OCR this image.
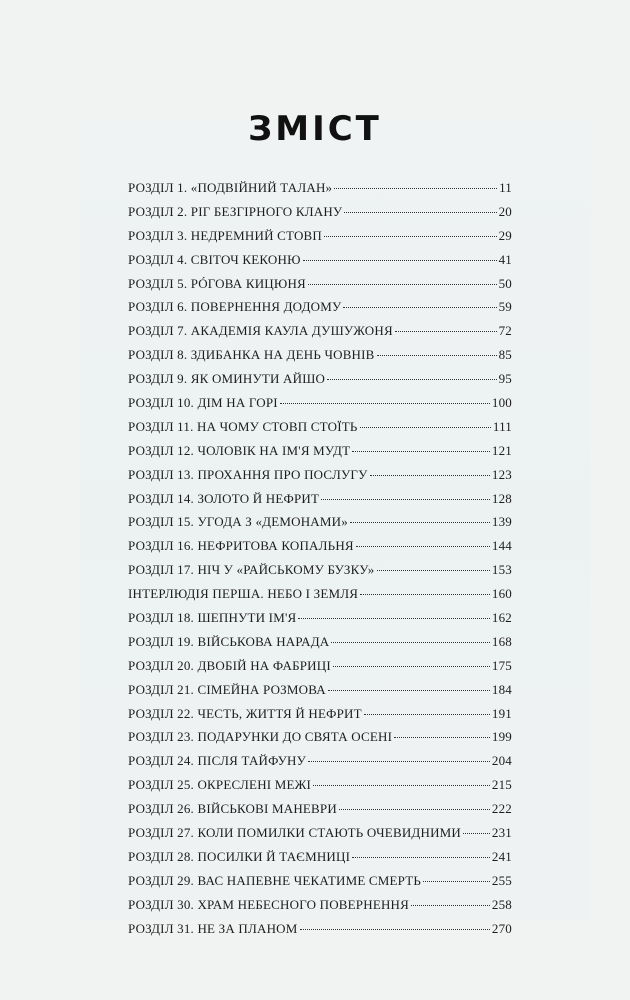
ЗМІСТ
РОЗДІЛ 1. «ПОДВІЙНИЙ ТАЛАН»	11
РОЗДІЛ 2. РІГ БЕЗГІРНОГО КЛАНУ	20
РОЗДІЛ 3. НЕДРЕМНИЙ СТОВП	29
РОЗДІЛ 4. СВІТОЧ КЕКОНЮ	41
РОЗДІЛ 5. РÓГОВА КИЦЮНЯ	50
РОЗДІЛ 6. ПОВЕРНЕННЯ ДОДОМУ	59
РОЗДІЛ 7. АКАДЕМІЯ КАУЛА ДУШУЖОНЯ	72
РОЗДІЛ 8. ЗДИБАНКА НА ДЕНЬ ЧОВНІВ	85
РОЗДІЛ 9. ЯК ОМИНУТИ АЙШО	95
РОЗДІЛ 10. ДІМ НА ГОРІ	100
РОЗДІЛ 11. НА ЧОМУ СТОВП СТОЇТЬ	111
РОЗДІЛ 12. ЧОЛОВІК НА ІМ'Я МУДТ	121
РОЗДІЛ 13. ПРОХАННЯ ПРО ПОСЛУГУ	123
РОЗДІЛ 14. ЗОЛОТО Й НЕФРИТ	128
РОЗДІЛ 15. УГОДА З «ДЕМОНАМИ»	139
РОЗДІЛ 16. НЕФРИТОВА КОПАЛЬНЯ	144
РОЗДІЛ 17. НІЧ У «РАЙСЬКОМУ БУЗКУ»	153
ІНТЕРЛЮДІЯ ПЕРША. НЕБО І ЗЕМЛЯ	160
РОЗДІЛ 18. ШЕПНУТИ ІМ'Я	162
РОЗДІЛ 19. ВІЙСЬКОВА НАРАДА	168
РОЗДІЛ 20. ДВОБІЙ НА ФАБРИЦІ	175
РОЗДІЛ 21. СІМЕЙНА РОЗМОВА	184
РОЗДІЛ 22. ЧЕСТЬ, ЖИТТЯ Й НЕФРИТ	191
РОЗДІЛ 23. ПОДАРУНКИ ДО СВЯТА ОСЕНІ	199
РОЗДІЛ 24. ПІСЛЯ ТАЙФУНУ	204
РОЗДІЛ 25. ОКРЕСЛЕНІ МЕЖІ	215
РОЗДІЛ 26. ВІЙСЬКОВІ МАНЕВРИ	222
РОЗДІЛ 27. КОЛИ ПОМИЛКИ СТАЮТЬ ОЧЕВИДНИМИ 231
РОЗДІЛ 28. ПОСИЛКИ Й ТАЄМНИЦІ	241
РОЗДІЛ 29. ВАС НАПЕВНЕ ЧЕКАТИМЕ СМЕРТЬ	255
РОЗДІЛ 30. ХРАМ НЕБЕСНОГО ПОВЕРНЕННЯ	258
РОЗДІЛ 31. НЕ ЗА ПЛАНОМ	270
